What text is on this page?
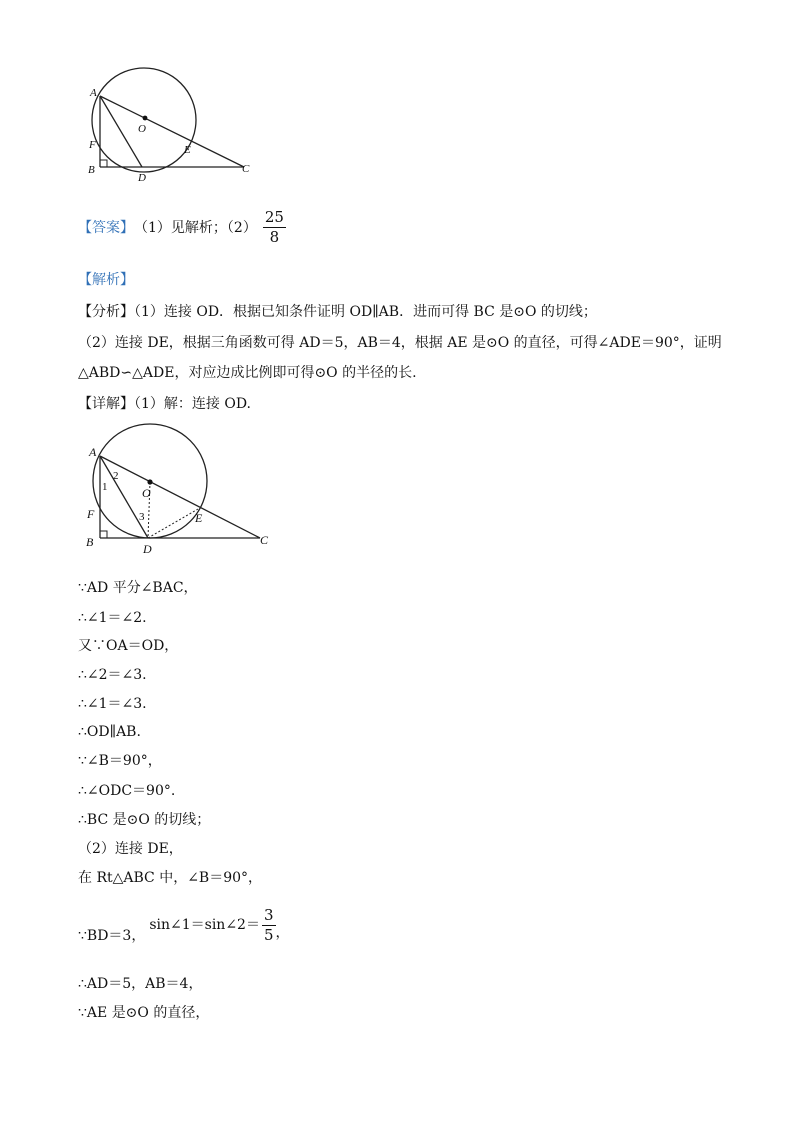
A
O
F	E
B
D
C
【答案】 （1）见解析；$(2) \frac{25}{8}$
【解析】
【分析】（1）连接 OD．根据已知条件证明 OD∥AB．进而可得 BC 是⊙O 的切线；
（2）连接 DE，根据三角函数可得 AD＝5，AB＝4，根据 AE 是⊙O 的直径，可得∠ADE＝90°，证明
△ABD∽△ADE，对应边成比例即可得⊙O 的半径的长.
【详解】（1）解：连接 OD.
A
O
F	E
B	D
C
1
2
3
∵AD 平分∠BAC，
∴∠1＝∠2.
又∵OA＝OD，
∴∠2＝∠3.
∴∠1＝∠3.
∴OD∥AB.
∵∠B＝90°，
∴∠ODC＝90°.
∴BC 是⊙O 的切线；
（2）连接 DE，
在 Rt△ABC 中，∠B＝90°，
∵BD＝3，
sin∠1＝sin∠2＝ $\frac{3}{5}$ ，
∴AD＝5，AB＝4，
∵AE 是⊙O 的直径，
